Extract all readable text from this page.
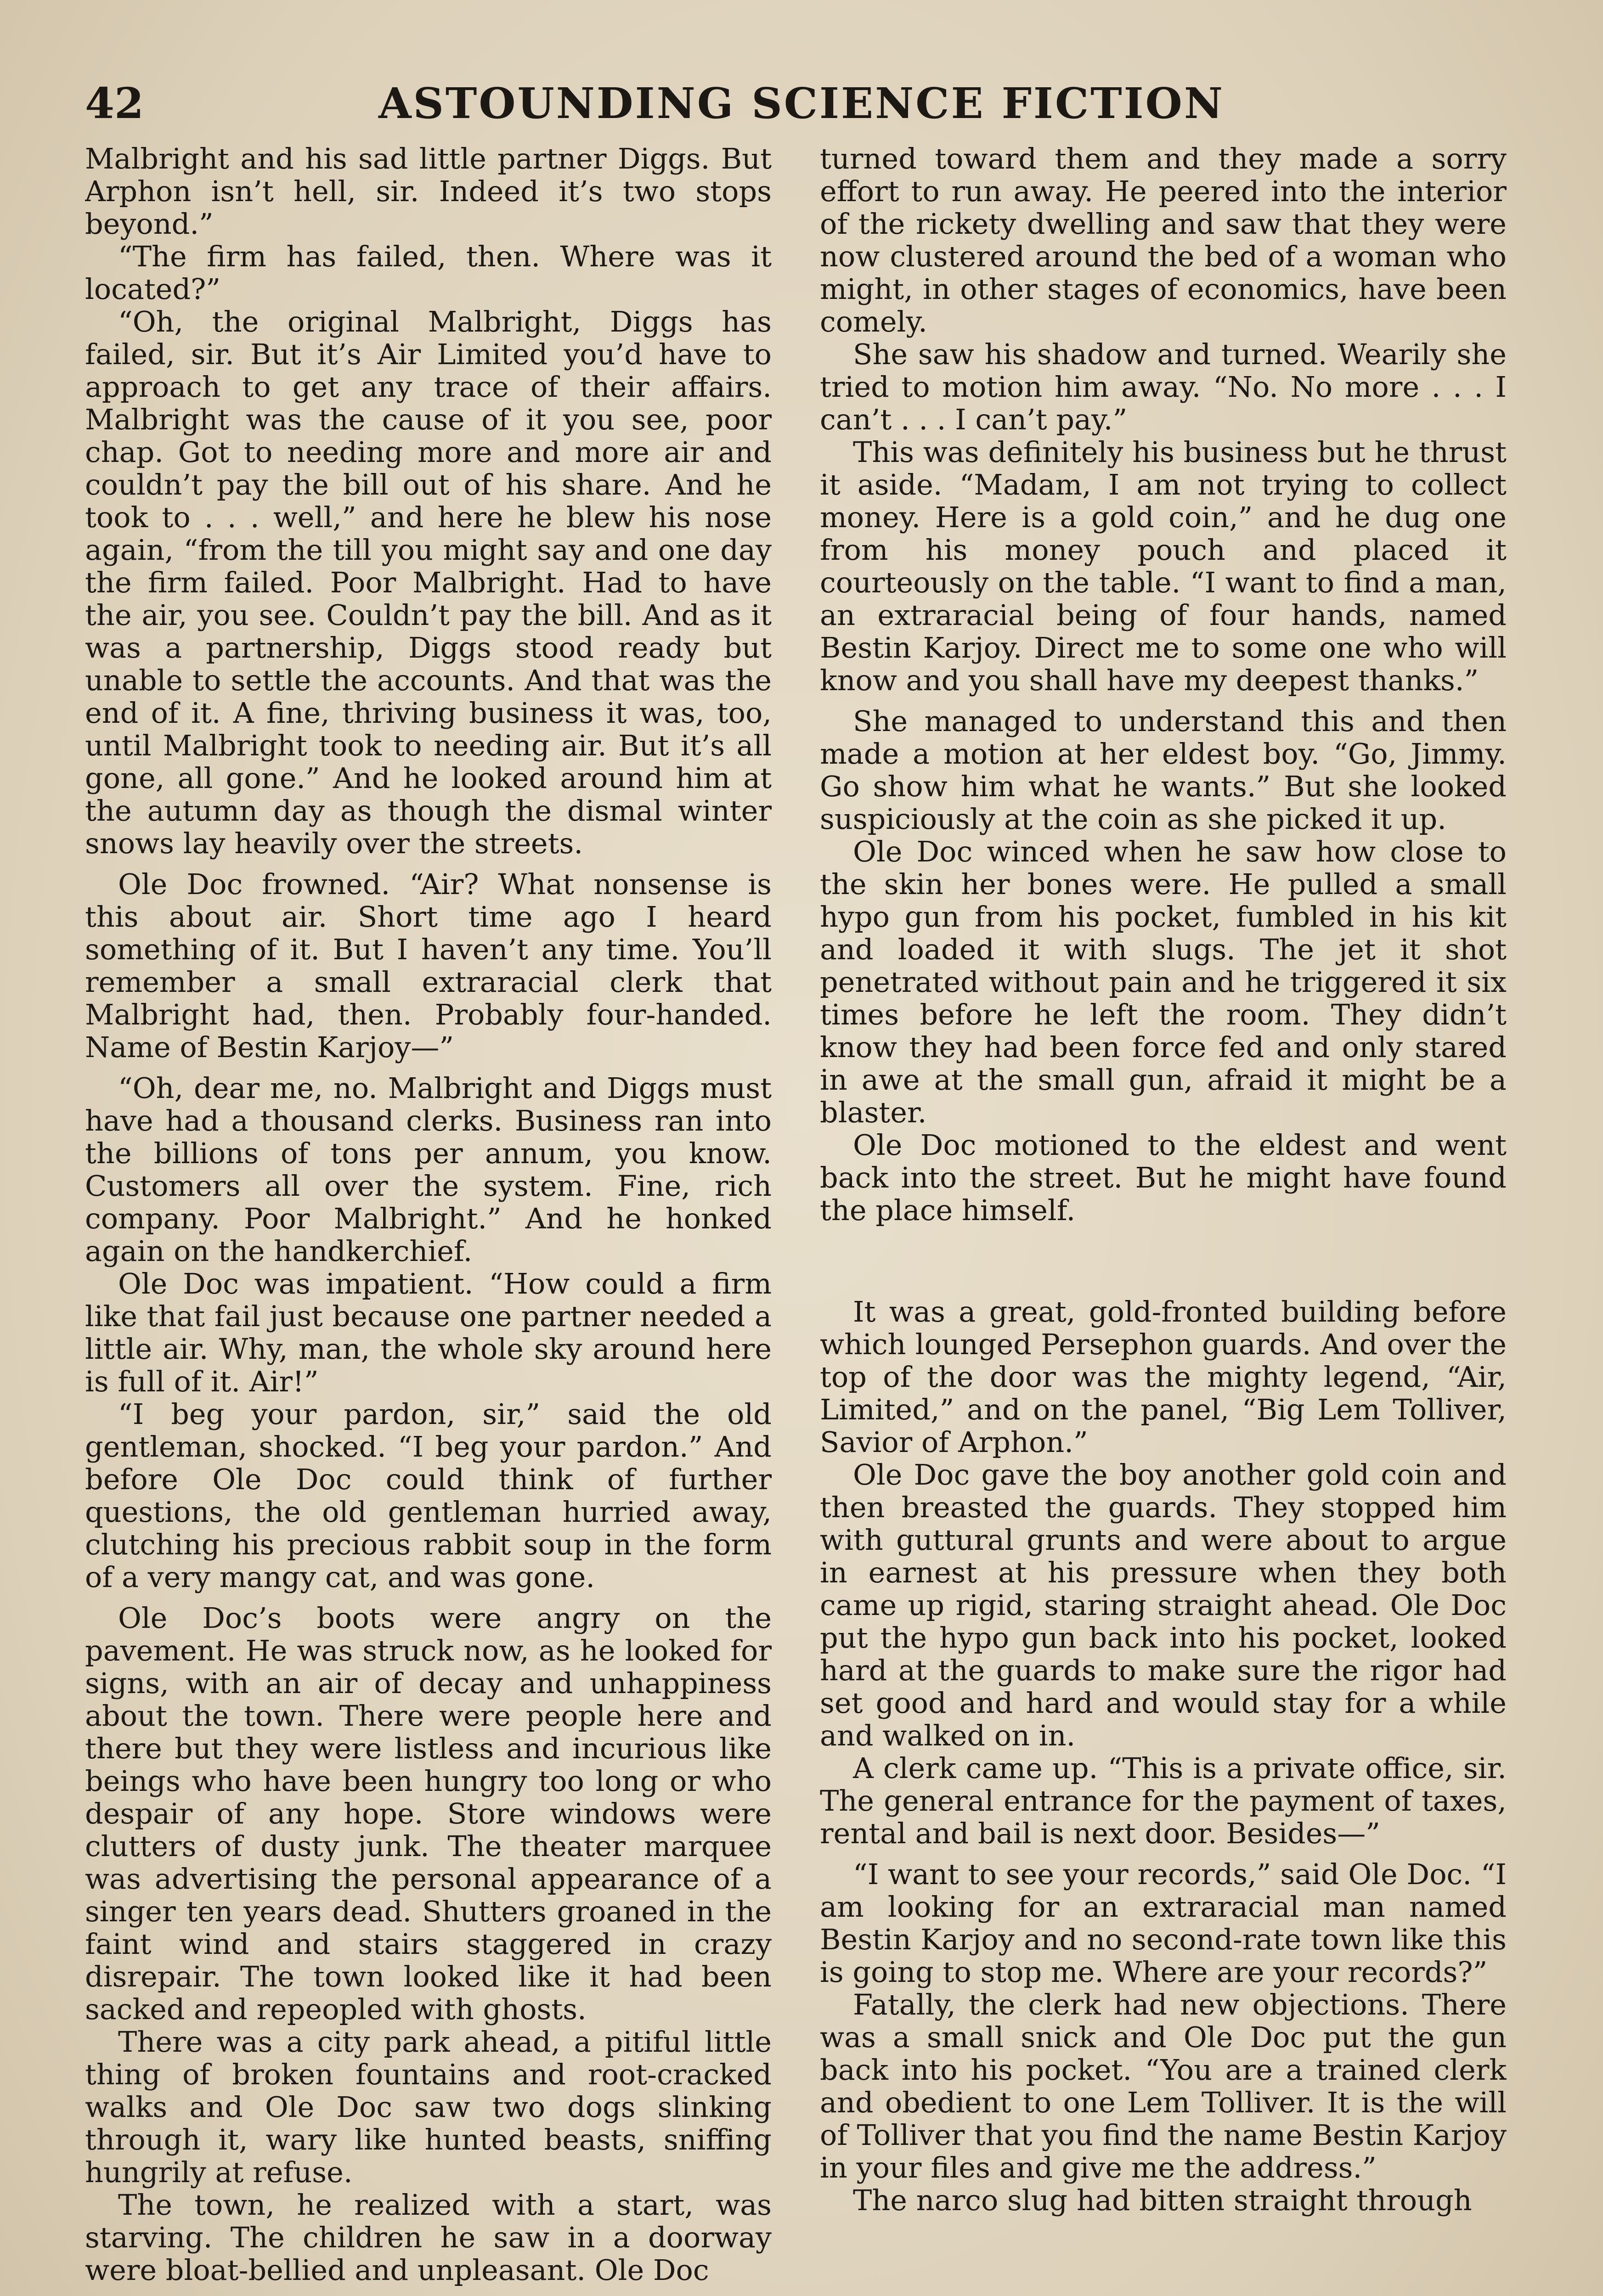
42	ASTOUNDING SCIENCE FICTION

Malbright and his sad little partner Diggs. But Arphon isn’t hell, sir. Indeed it’s two stops beyond.”

“The firm has failed, then. Where was it located?”

“Oh, the original Malbright, Diggs has failed, sir. But it’s Air Limited you’d have to approach to get any trace of their affairs. Malbright was the cause of it you see, poor chap. Got to needing more and more air and couldn’t pay the bill out of his share. And he took to . . . well,” and here he blew his nose again, “from the till you might say and one day the firm failed. Poor Malbright. Had to have the air, you see. Couldn’t pay the bill. And as it was a partnership, Diggs stood ready but unable to settle the accounts. And that was the end of it. A fine, thriving business it was, too, until Malbright took to needing air. But it’s all gone, all gone.” And he looked around him at the autumn day as though the dismal winter snows lay heavily over the streets.

Ole Doc frowned. “Air? What nonsense is this about air. Short time ago I heard something of it. But I haven’t any time. You’ll remember a small extraracial clerk that Malbright had, then. Probably four-handed. Name of Bestin Karjoy—”

“Oh, dear me, no. Malbright and Diggs must have had a thousand clerks. Business ran into the billions of tons per annum, you know. Customers all over the system. Fine, rich company. Poor Malbright.” And he honked again on the handkerchief.

Ole Doc was impatient. “How could a firm like that fail just because one partner needed a little air. Why, man, the whole sky around here is full of it. Air!”

“I beg your pardon, sir,” said the old gentleman, shocked. “I beg your pardon.” And before Ole Doc could think of further questions, the old gentleman hurried away, clutching his precious rabbit soup in the form of a very mangy cat, and was gone.

Ole Doc’s boots were angry on the pavement. He was struck now, as he looked for signs, with an air of decay and unhappiness about the town. There were people here and there but they were listless and incurious like beings who have been hungry too long or who despair of any hope. Store windows were clutters of dusty junk. The theater marquee was advertising the personal appearance of a singer ten years dead. Shutters groaned in the faint wind and stairs staggered in crazy disrepair. The town looked like it had been sacked and repeopled with ghosts.

There was a city park ahead, a pitiful little thing of broken fountains and root-cracked walks and Ole Doc saw two dogs slinking through it, wary like hunted beasts, sniffing hungrily at refuse.

The town, he realized with a start, was starving. The children he saw in a doorway were bloat-bellied and unpleasant. Ole Doc

turned toward them and they made a sorry effort to run away. He peered into the interior of the rickety dwelling and saw that they were now clustered around the bed of a woman who might, in other stages of economics, have been comely.

She saw his shadow and turned. Wearily she tried to motion him away. “No. No more . . . I can’t . . . I can’t pay.”

This was definitely his business but he thrust it aside. “Madam, I am not trying to collect money. Here is a gold coin,” and he dug one from his money pouch and placed it courteously on the table. “I want to find a man, an extraracial being of four hands, named Bestin Karjoy. Direct me to some one who will know and you shall have my deepest thanks.”

She managed to understand this and then made a motion at her eldest boy. “Go, Jimmy. Go show him what he wants.” But she looked suspiciously at the coin as she picked it up.

Ole Doc winced when he saw how close to the skin her bones were. He pulled a small hypo gun from his pocket, fumbled in his kit and loaded it with slugs. The jet it shot penetrated without pain and he triggered it six times before he left the room. They didn’t know they had been force fed and only stared in awe at the small gun, afraid it might be a blaster.

Ole Doc motioned to the eldest and went back into the street. But he might have found the place himself.

It was a great, gold-fronted building before which lounged Persephon guards. And over the top of the door was the mighty legend, “Air, Limited,” and on the panel, “Big Lem Tolliver, Savior of Arphon.”

Ole Doc gave the boy another gold coin and then breasted the guards. They stopped him with guttural grunts and were about to argue in earnest at his pressure when they both came up rigid, staring straight ahead. Ole Doc put the hypo gun back into his pocket, looked hard at the guards to make sure the rigor had set good and hard and would stay for a while and walked on in.

A clerk came up. “This is a private office, sir. The general entrance for the payment of taxes, rental and bail is next door. Besides—”

“I want to see your records,” said Ole Doc. “I am looking for an extraracial man named Bestin Karjoy and no second-rate town like this is going to stop me. Where are your records?”

Fatally, the clerk had new objections. There was a small snick and Ole Doc put the gun back into his pocket. “You are a trained clerk and obedient to one Lem Tolliver. It is the will of Tolliver that you find the name Bestin Karjoy in your files and give me the address.”

The narco slug had bitten straight through
